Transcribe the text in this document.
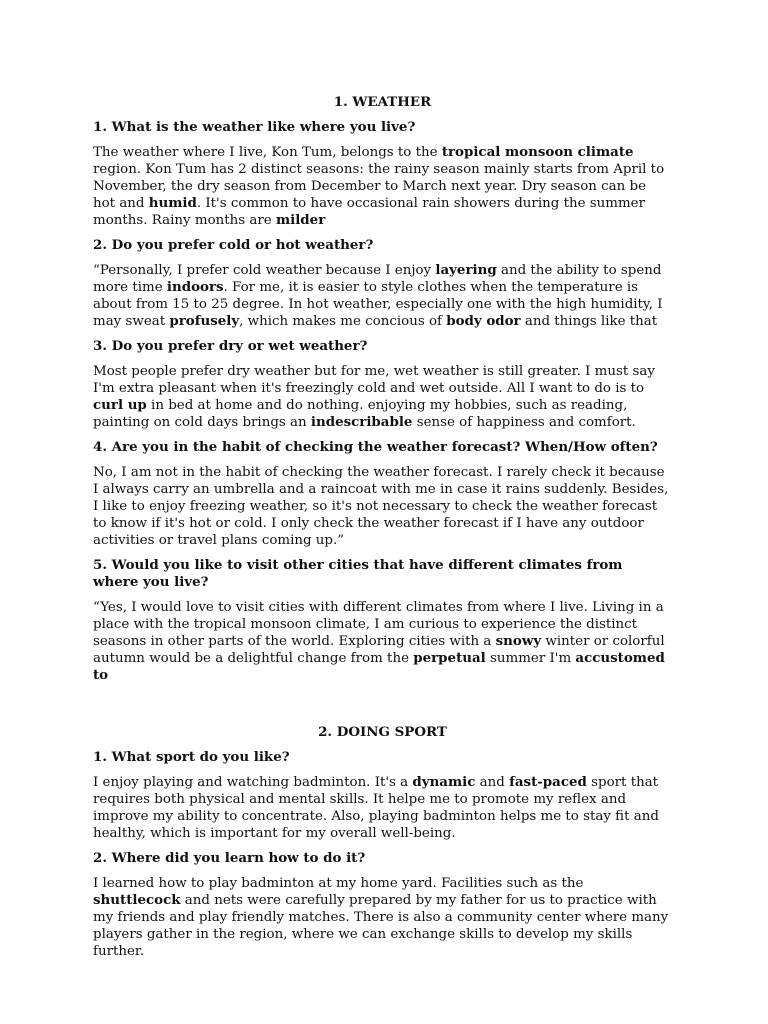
1. WEATHER

1. What is the weather like where you live?

The weather where I live, Kon Tum, belongs to the tropical monsoon climate region. Kon Tum has 2 distinct seasons: the rainy season mainly starts from April to November, the dry season from December to March next year. Dry season can be hot and humid. It's common to have occasional rain showers during the summer months. Rainy months are milder

2. Do you prefer cold or hot weather?

“Personally, I prefer cold weather because I enjoy layering and the ability to spend more time indoors. For me, it is easier to style clothes when the temperature is about from 15 to 25 degree. In hot weather, especially one with the high humidity, I may sweat profusely, which makes me concious of body odor and things like that

3. Do you prefer dry or wet weather?

Most people prefer dry weather but for me, wet weather is still greater. I must say I'm extra pleasant when it's freezingly cold and wet outside. All I want to do is to curl up in bed at home and do nothing. enjoying my hobbies, such as reading, painting on cold days brings an indescribable sense of happiness and comfort.

4. Are you in the habit of checking the weather forecast? When/How often?

No, I am not in the habit of checking the weather forecast. I rarely check it because I always carry an umbrella and a raincoat with me in case it rains suddenly. Besides, I like to enjoy freezing weather, so it's not necessary to check the weather forecast to know if it's hot or cold. I only check the weather forecast if I have any outdoor activities or travel plans coming up.”

5. Would you like to visit other cities that have different climates from where you live?

“Yes, I would love to visit cities with different climates from where I live. Living in a place with the tropical monsoon climate, I am curious to experience the distinct seasons in other parts of the world. Exploring cities with a snowy winter or colorful autumn would be a delightful change from the perpetual summer I'm accustomed to

2. DOING SPORT

1. What sport do you like?

I enjoy playing and watching badminton. It's a dynamic and fast-paced sport that requires both physical and mental skills. It helpe me to promote my reflex and improve my ability to concentrate. Also, playing badminton helps me to stay fit and healthy, which is important for my overall well-being.

2. Where did you learn how to do it?

I learned how to play badminton at my home yard. Facilities such as the shuttlecock and nets were carefully prepared by my father for us to practice with my friends and play friendly matches. There is also a community center where many players gather in the region, where we can exchange skills to develop my skills further.
